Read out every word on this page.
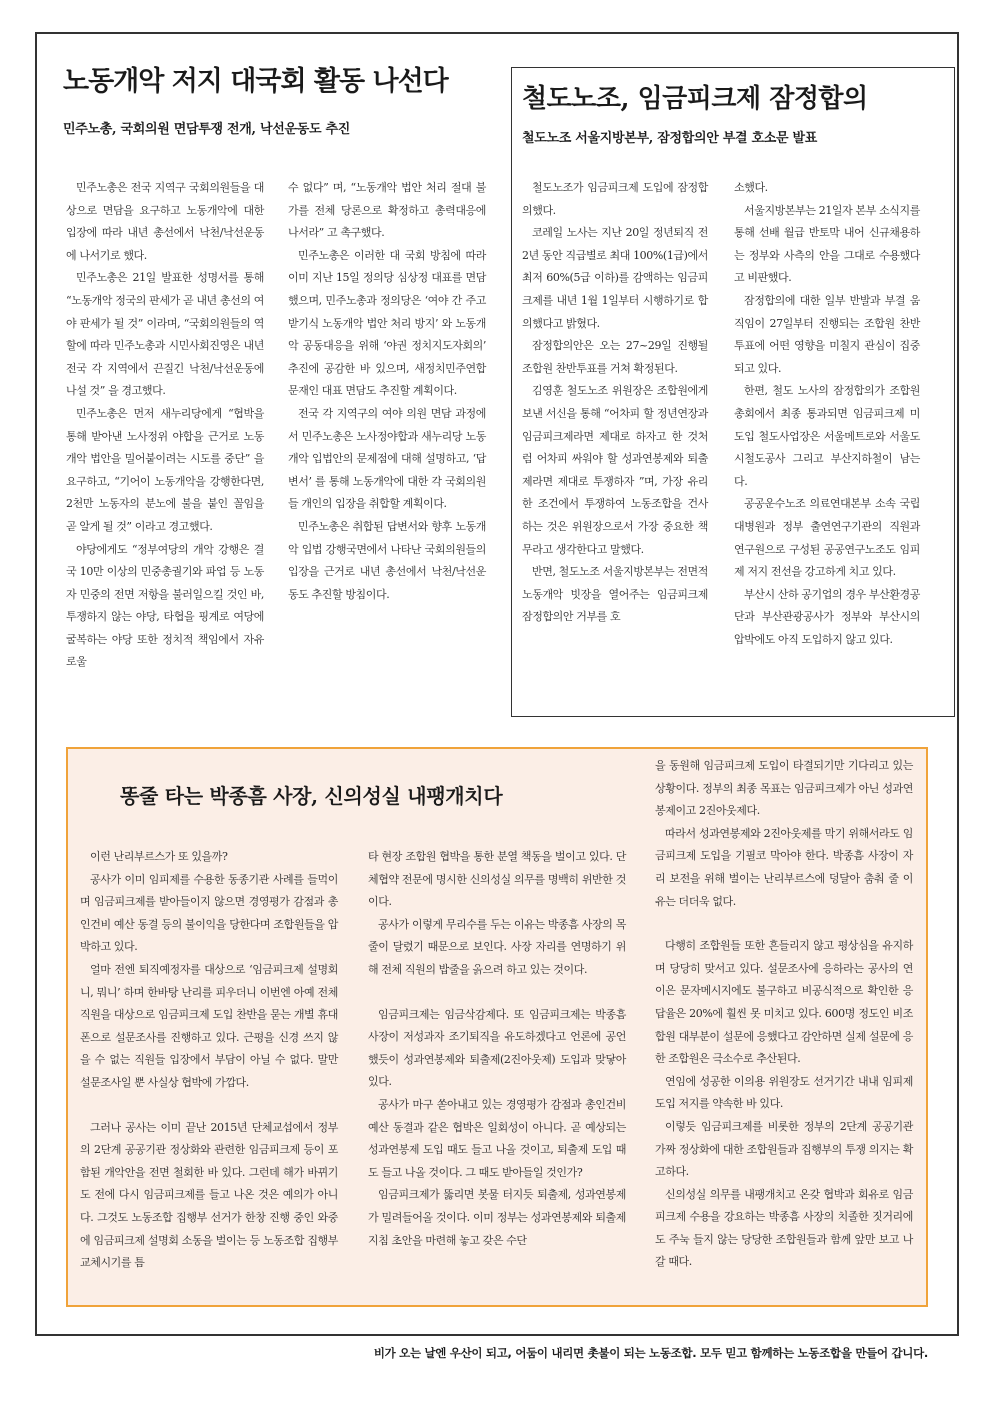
노동개악 저지 대국회 활동 나선다
민주노총, 국회의원 면담투쟁 전개, 낙선운동도 추진

민주노총은 전국 지역구 국회의원들을 대상으로 면담을 요구하고 노동개악에 대한 입장에 따라 내년 총선에서 낙천/낙선운동에 나서기로 했다.

민주노총은 21일 발표한 성명서를 통해 “노동개악 정국의 판세가 곧 내년 총선의 여야 판세가 될 것” 이라며, “국회의원들의 역할에 따라 민주노총과 시민사회진영은 내년 전국 각 지역에서 끈질긴 낙천/낙선운동에 나설 것” 을 경고했다.

민주노총은 먼저 새누리당에게 “협박을 통해 받아낸 노사정위 야합을 근거로 노동개악 법안을 밀어붙이려는 시도를 중단” 을 요구하고, “기어이 노동개악을 강행한다면, 2천만 노동자의 분노에 불을 붙인 꼴임을 곧 알게 될 것” 이라고 경고했다.

야당에게도 “정부여당의 개악 강행은 결국 10만 이상의 민중총궐기와 파업 등 노동자 민중의 전면 저항을 불러일으킬 것인 바, 투쟁하지 않는 야당, 타협을 핑계로 여당에 굴복하는 야당 또한 정치적 책임에서 자유로울

수 없다” 며, “노동개악 법안 처리 절대 불가를 전체 당론으로 확정하고 총력대응에 나서라” 고 촉구했다.

민주노총은 이러한 대 국회 방침에 따라 이미 지난 15일 정의당 심상정 대표를 면담했으며, 민주노총과 정의당은 ‘여야 간 주고받기식 노동개악 법안 처리 방지’ 와 노동개악 공동대응을 위해 ‘야권 정치지도자회의’ 추진에 공감한 바 있으며, 새정치민주연합 문재인 대표 면담도 추진할 계획이다.

전국 각 지역구의 여야 의원 면담 과정에서 민주노총은 노사정야합과 새누리당 노동개악 입법안의 문제점에 대해 설명하고, ‘답변서’ 를 통해 노동개악에 대한 각 국회의원들 개인의 입장을 취합할 계획이다.

민주노총은 취합된 답변서와 향후 노동개악 입법 강행국면에서 나타난 국회의원들의 입장을 근거로 내년 총선에서 낙천/낙선운동도 추진할 방침이다.

철도노조, 임금피크제 잠정합의
철도노조 서울지방본부, 잠정합의안 부결 호소문 발표

철도노조가 임금피크제 도입에 잠정합의했다.

코레일 노사는 지난 20일 정년퇴직 전 2년 동안 직급별로 최대 100%(1급)에서 최저 60%(5급 이하)를 감액하는 임금피크제를 내년 1월 1일부터 시행하기로 합의했다고 밝혔다.

잠정합의안은 오는 27~29일 진행될 조합원 찬반투표를 거쳐 확정된다.

김영훈 철도노조 위원장은 조합원에게 보낸 서신을 통해 “어차피 할 정년연장과 임금피크제라면 제대로 하자고 한 것처럼 어차피 싸워야 할 성과연봉제와 퇴출제라면 제대로 투쟁하자 ”며, 가장 유리한 조건에서 투쟁하여 노동조합을 건사하는 것은 위원장으로서 가장 중요한 책무라고 생각한다고 말했다.

반면, 철도노조 서울지방본부는 전면적 노동개악 빗장을 열어주는 임금피크제 잠정합의안 거부를 호

소했다.

서울지방본부는 21일자 본부 소식지를 통해 선배 월급 반토막 내어 신규채용하는 정부와 사측의 안을 그대로 수용했다고 비판했다.

잠정합의에 대한 일부 반발과 부결 움직임이 27일부터 진행되는 조합원 찬반투표에 어떤 영향을 미칠지 관심이 집중되고 있다.

한편, 철도 노사의 잠정합의가 조합원총회에서 최종 통과되면 임금피크제 미도입 철도사업장은 서울메트로와 서울도시철도공사 그리고 부산지하철이 남는다.

공공운수노조 의료연대본부 소속 국립대병원과 정부 출연연구기관의 직원과 연구원으로 구성된 공공연구노조도 임피제 저지 전선을 강고하게 치고 있다.

부산시 산하 공기업의 경우 부산환경공단과 부산관광공사가 정부와 부산시의 압박에도 아직 도입하지 않고 있다.

똥줄 타는 박종흠 사장, 신의성실 내팽개치다

이런 난리부르스가 또 있을까?

공사가 이미 임피제를 수용한 동종기관 사례를 들먹이며 임금피크제를 받아들이지 않으면 경영평가 감점과 총인건비 예산 동결 등의 불이익을 당한다며 조합원들을 압박하고 있다.

얼마 전엔 퇴직예정자를 대상으로 ‘임금피크제 설명회니, 뭐니’ 하며 한바탕 난리를 피우더니 이번엔 아예 전체 직원을 대상으로 임금피크제 도입 찬반을 묻는 개별 휴대폰으로 설문조사를 진행하고 있다. 근평을 신경 쓰지 않을 수 없는 직원들 입장에서 부담이 아닐 수 없다. 말만 설문조사일 뿐 사실상 협박에 가깝다.

그러나 공사는 이미 끝난 2015년 단체교섭에서 정부의 2단계 공공기관 정상화와 관련한 임금피크제 등이 포함된 개악안을 전면 철회한 바 있다. 그런데 해가 바뀌기도 전에 다시 임금피크제를 들고 나온 것은 예의가 아니다. 그것도 노동조합 집행부 선거가 한창 진행 중인 와중에 임금피크제 설명회 소동을 벌이는 등 노동조합 집행부 교체시기를 틈

타 현장 조합원 협박을 통한 분열 책동을 벌이고 있다. 단체협약 전문에 명시한 신의성실 의무를 명백히 위반한 것이다.

공사가 이렇게 무리수를 두는 이유는 박종흠 사장의 목줄이 달렸기 때문으로 보인다. 사장 자리를 연명하기 위해 전체 직원의 밥줄을 옭으려 하고 있는 것이다.

임금피크제는 임금삭감제다. 또 임금피크제는 박종흠 사장이 저성과자 조기퇴직을 유도하겠다고 언론에 공언했듯이 성과연봉제와 퇴출제(2진아웃제) 도입과 맞닿아 있다.

공사가 마구 쏟아내고 있는 경영평가 감점과 총인건비 예산 동결과 같은 협박은 일회성이 아니다. 곧 예상되는 성과연봉제 도입 때도 들고 나올 것이고, 퇴출제 도입 때도 들고 나올 것이다. 그 때도 받아들일 것인가?

임금피크제가 뚫리면 봇물 터지듯 퇴출제, 성과연봉제가 밀려들어올 것이다. 이미 정부는 성과연봉제와 퇴출제 지침 초안을 마련해 놓고 갖은 수단

을 동원해 임금피크제 도입이 타결되기만 기다리고 있는 상황이다. 정부의 최종 목표는 임금피크제가 아닌 성과연봉제이고 2진아웃제다.

따라서 성과연봉제와 2진아웃제를 막기 위해서라도 임금피크제 도입을 기필코 막아야 한다. 박종흠 사장이 자리 보전을 위해 벌이는 난리부르스에 덩달아 춤춰 줄 이유는 더더욱 없다.

다행히 조합원들 또한 흔들리지 않고 평상심을 유지하며 당당히 맞서고 있다. 설문조사에 응하라는 공사의 연이은 문자메시지에도 불구하고 비공식적으로 확인한 응답율은 20%에 훨씬 못 미치고 있다. 600명 정도인 비조합원 대부분이 설문에 응했다고 감안하면 실제 설문에 응한 조합원은 극소수로 추산된다.

연임에 성공한 이의용 위원장도 선거기간 내내 임피제 도입 저지를 약속한 바 있다.

이렇듯 임금피크제를 비롯한 정부의 2단계 공공기관 가짜 정상화에 대한 조합원들과 집행부의 투쟁 의지는 확고하다.

신의성실 의무를 내팽개치고 온갖 협박과 회유로 임금피크제 수용을 강요하는 박종흠 사장의 치졸한 짓거리에도 주눅 들지 않는 당당한 조합원들과 함께 앞만 보고 나갈 때다.

비가 오는 날엔 우산이 되고, 어둠이 내리면 촛불이 되는 노동조합. 모두 믿고 함께하는 노동조합을 만들어 갑니다.
